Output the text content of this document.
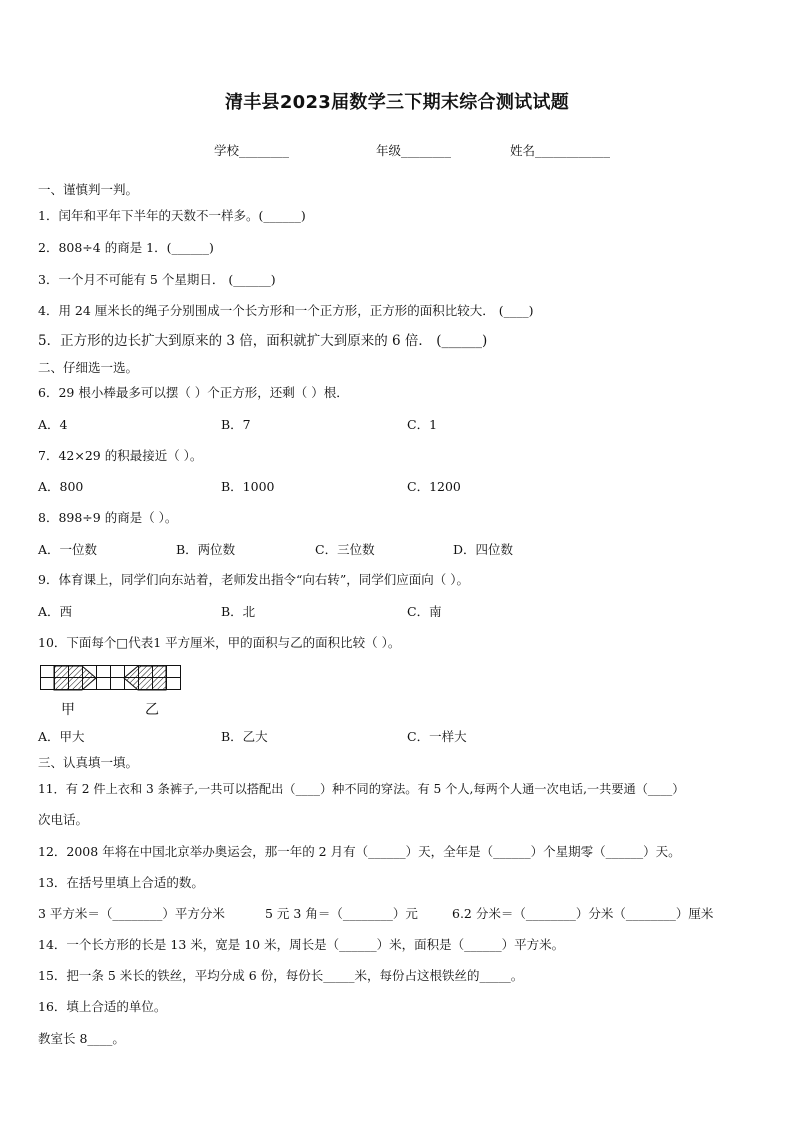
清丰县2023届数学三下期末综合测试试题
学校________	年级________	姓名____________
一、谨慎判一判。
1．闰年和平年下半年的天数不一样多。(______)
2．808÷4 的商是 1．(______)
3．一个月不可能有 5 个星期日． (______)
4．用 24 厘米长的绳子分别围成一个长方形和一个正方形，正方形的面积比较大． (____)
5．正方形的边长扩大到原来的 3 倍，面积就扩大到原来的 6 倍． (______)
二、仔细选一选。
6．29 根小棒最多可以摆（ ）个正方形，还剩（ ）根．
A．4	B．7	C．1
7．42×29 的积最接近（ ）。
A．800	B．1000	C．1200
8．898÷9 的商是（ ）。
A．一位数	B．两位数	C．三位数	D．四位数
9．体育课上，同学们向东站着，老师发出指令“向右转”，同学们应面向（ ）。
A．西	B．北	C．南
10．下面每个□代表1 平方厘米，甲的面积与乙的面积比较（ ）。
甲	乙
A．甲大	B．乙大	C．一样大
三、认真填一填。
11．有 2 件上衣和 3 条裤子,一共可以搭配出（____）种不同的穿法。有 5 个人,每两个人通一次电话,一共要通（____）
次电话。
12．2008 年将在中国北京举办奥运会，那一年的 2 月有（______）天，全年是（______）个星期零（______）天。
13．在括号里填上合适的数。
3 平方米＝（________）平方分米	5 元 3 角＝（________）元	6.2 分米＝（________）分米（________）厘米
14．一个长方形的长是 13 米，宽是 10 米，周长是（______）米，面积是（______）平方米。
15．把一条 5 米长的铁丝，平均分成 6 份，每份长_____米，每份占这根铁丝的_____。
16．填上合适的单位。
教室长 8____。
